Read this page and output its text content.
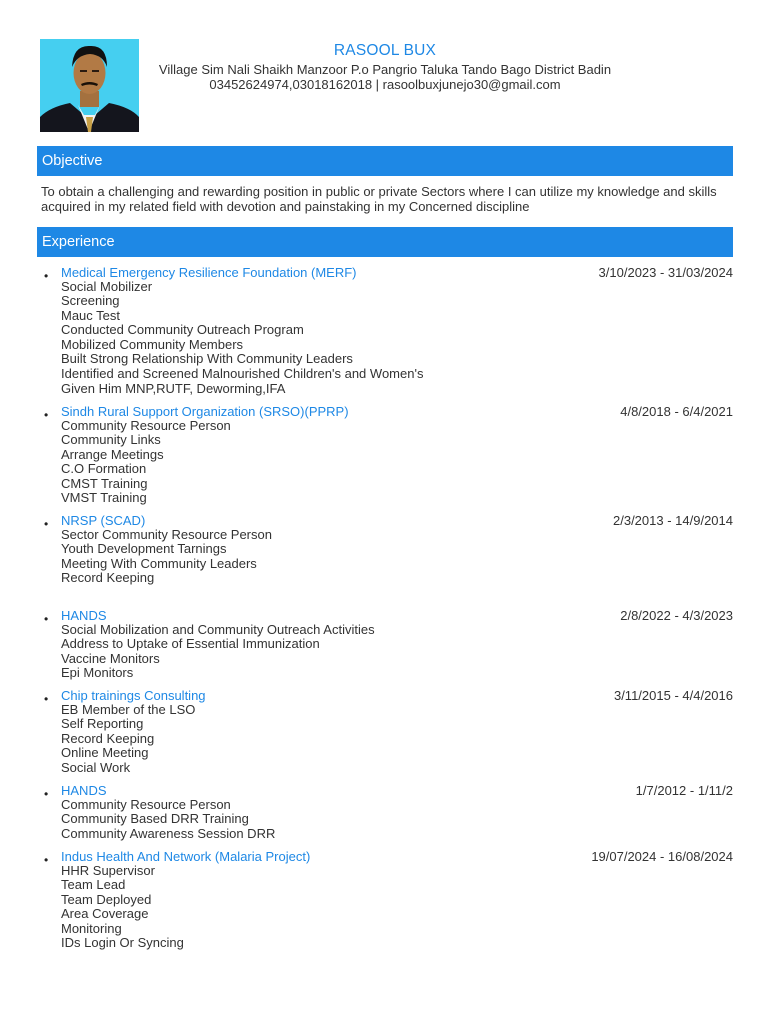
RASOOL BUX
Village Sim Nali Shaikh Manzoor P.o Pangrio Taluka Tando Bago District Badin
03452624974,03018162018 | rasoolbuxjunejo30@gmail.com
Objective
To obtain a challenging and rewarding position in public or private Sectors where I can utilize my knowledge and skills acquired in my related field with devotion and painstaking in my Concerned discipline
Experience
• Medical Emergency Resilience Foundation (MERF)	3/10/2023 - 31/03/2024
Social Mobilizer
Screening
Mauc Test
Conducted Community Outreach Program
Mobilized Community Members
Built Strong Relationship With Community Leaders
Identified and Screened Malnourished Children's and Women's
Given Him MNP,RUTF, Deworming,IFA
• Sindh Rural Support Organization (SRSO)(PPRP)	4/8/2018 - 6/4/2021
Community Resource Person
Community Links
Arrange Meetings
C.O Formation
CMST Training
VMST Training
• NRSP (SCAD)	2/3/2013 - 14/9/2014
Sector Community Resource Person
Youth Development Tarnings
Meeting With Community Leaders
Record Keeping
• HANDS	2/8/2022 - 4/3/2023
Social Mobilization and Community Outreach Activities
Address to Uptake of Essential Immunization
Vaccine Monitors
Epi Monitors
• Chip trainings Consulting	3/11/2015 - 4/4/2016
EB Member of the LSO
Self Reporting
Record Keeping
Online Meeting
Social Work
• HANDS	1/7/2012 - 1/11/2
Community Resource Person
Community Based DRR Training
Community Awareness Session DRR
• Indus Health And Network (Malaria Project)	19/07/2024 - 16/08/2024
HHR Supervisor
Team Lead
Team Deployed
Area Coverage
Monitoring
IDs Login Or Syncing
